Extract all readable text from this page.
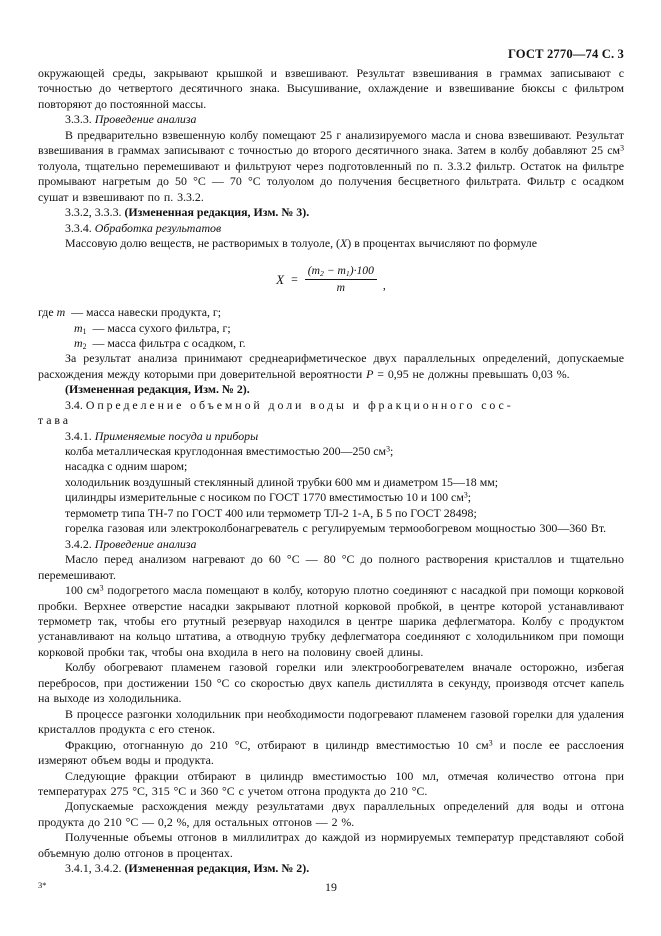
ГОСТ 2770—74 С. 3

окружающей среды, закрывают крышкой и взвешивают. Результат взвешивания в граммах записывают с точностью до четвертого десятичного знака. Высушивание, охлаждение и взвешивание бюксы с фильтром повторяют до постоянной массы.

3.3.3. Проведение анализа

В предварительно взвешенную колбу помещают 25 г анализируемого масла и снова взвешивают. Результат взвешивания в граммах записывают с точностью до второго десятичного знака. Затем в колбу добавляют 25 $см^3$ толуола, тщательно перемешивают и фильтруют через подготовленный по п. 3.3.2 фильтр. Остаток на фильтре промывают нагретым до 50 °С — 70 °С толуолом до получения бесцветного фильтрата. Фильтр с осадком сушат и взвешивают по п. 3.3.2.

3.3.2, 3.3.3. (Измененная редакция, Изм. № 3).

3.3.4. Обработка результатов

Массовую долю веществ, не растворимых в толуоле, (X) в процентах вычисляют по формуле

$X = \frac{(m_2 - m_1)\cdot 100}{m}$ ,
где m — масса навески продукта, г;
$m_1$ — масса сухого фильтра, г;
$m_2$ — масса фильтра с осадком, г.

За результат анализа принимают среднеарифметическое двух параллельных определений, допускаемые расхождения между которыми при доверительной вероятности P = 0,95 не должны превышать 0,03 %.

(Измененная редакция, Изм. № 2).

3.4. Определение объемной доли воды и фракционного сос-

тава

3.4.1. Применяемые посуда и приборы

колба металлическая круглодонная вместимостью 200—250 $см^3$;

насадка с одним шаром;

холодильник воздушный стеклянный длиной трубки 600 мм и диаметром 15—18 мм;

цилиндры измерительные с носиком по ГОСТ 1770 вместимостью 10 и 100 $см^3$;

термометр типа ТН-7 по ГОСТ 400 или термометр ТЛ-2 1-А, Б 5 по ГОСТ 28498;

горелка газовая или электроколбонагреватель с регулируемым термообогревом мощностью 300—360 Вт.

3.4.2. Проведение анализа

Масло перед анализом нагревают до 60 °С — 80 °С до полного растворения кристаллов и тщательно перемешивают.

100 $см^3$ подогретого масла помещают в колбу, которую плотно соединяют с насадкой при помощи корковой пробки. Верхнее отверстие насадки закрывают плотной корковой пробкой, в центре которой устанавливают термометр так, чтобы его ртутный резервуар находился в центре шарика дефлегматора. Колбу с продуктом устанавливают на кольцо штатива, а отводную трубку дефлегматора соединяют с холодильником при помощи корковой пробки так, чтобы она входила в него на половину своей длины.

Колбу обогревают пламенем газовой горелки или электрообогревателем вначале осторожно, избегая перебросов, при достижении 150 °С со скоростью двух капель дистиллята в секунду, производя отсчет капель на выходе из холодильника.

В процессе разгонки холодильник при необходимости подогревают пламенем газовой горелки для удаления кристаллов продукта с его стенок.

Фракцию, отогнанную до 210 °С, отбирают в цилиндр вместимостью 10 $см^3$ и после ее расслоения измеряют объем воды и продукта.

Следующие фракции отбирают в цилиндр вместимостью 100 мл, отмечая количество отгона при температурах 275 °С, 315 °С и 360 °С с учетом отгона продукта до 210 °С.

Допускаемые расхождения между результатами двух параллельных определений для воды и отгона продукта до 210 °С — 0,2 %, для остальных отгонов — 2 %.

Полученные объемы отгонов в миллилитрах до каждой из нормируемых температур представляют собой объемную долю отгонов в процентах.

3.4.1, 3.4.2. (Измененная редакция, Изм. № 2).

3*	19
